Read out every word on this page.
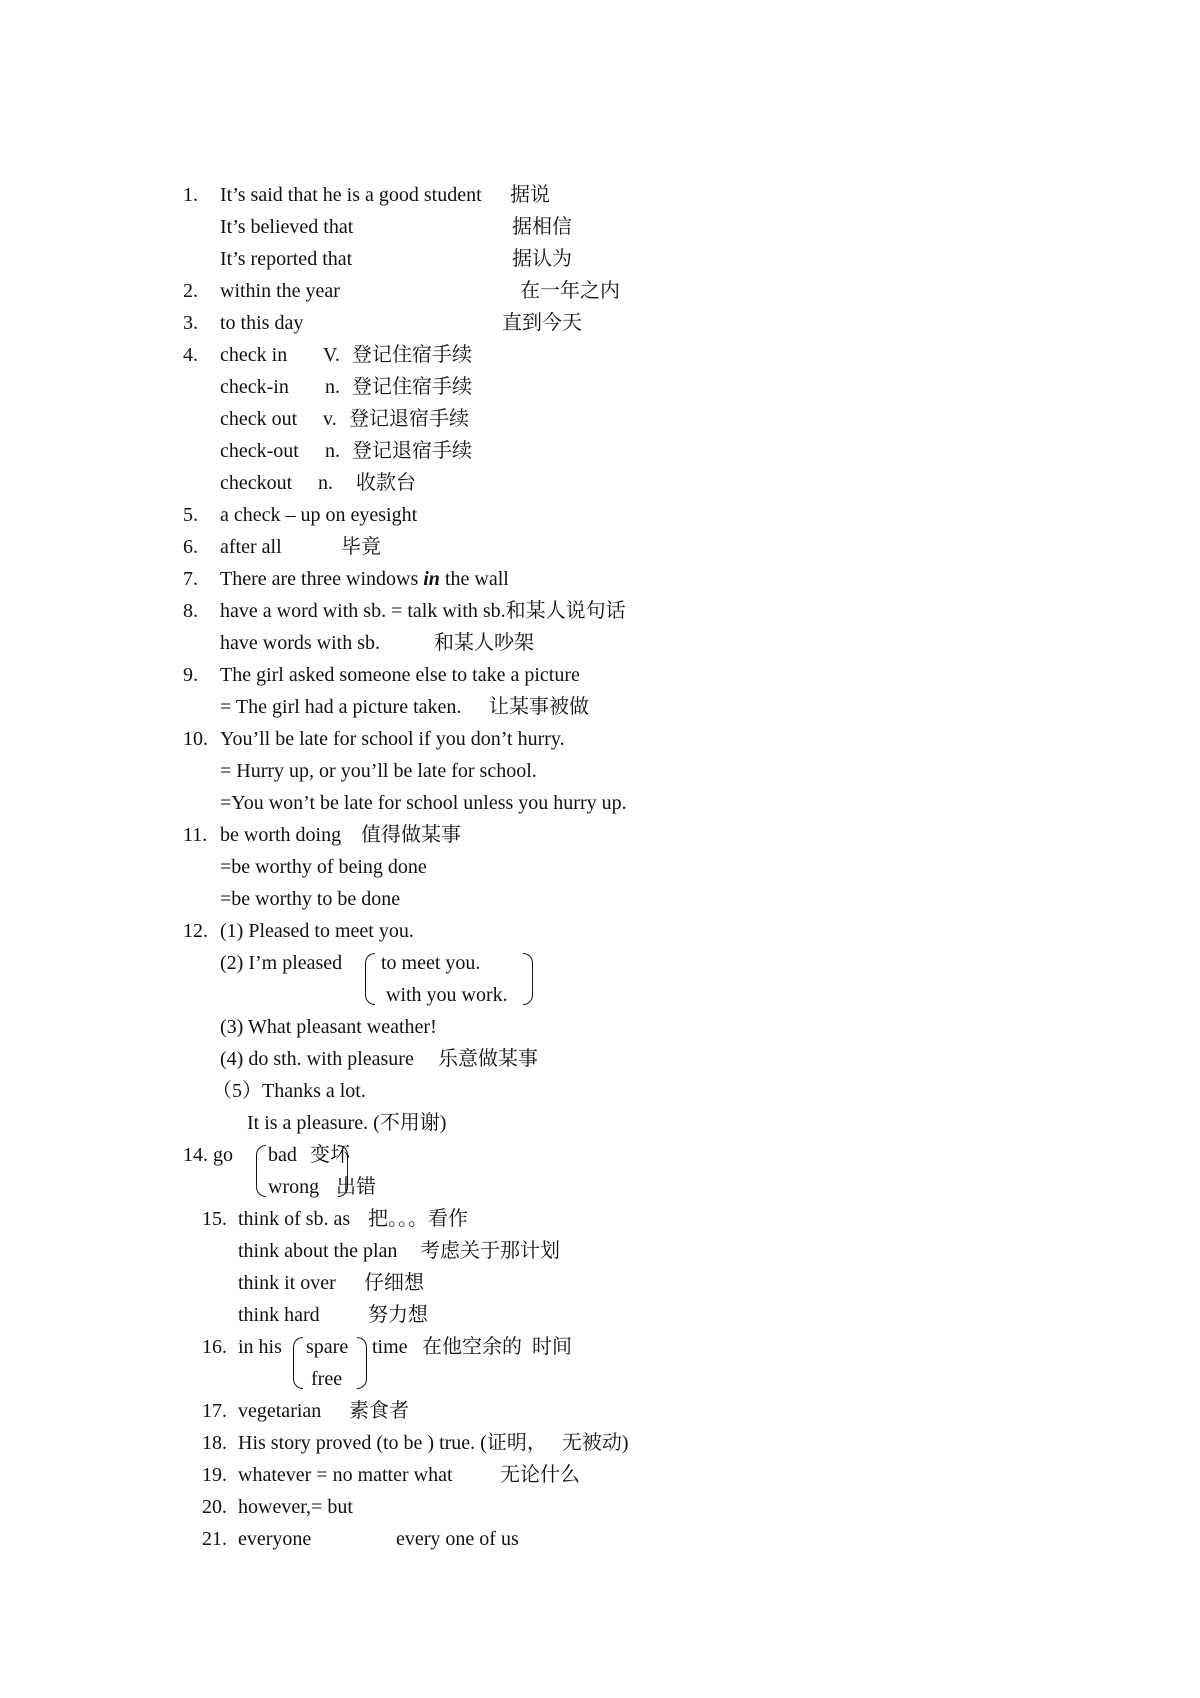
1. It’s said that he is a good student 据说
It’s believed that	据相信
It’s reported that	据认为
2. within the year	在一年之内
3. to this day	直到今天
4. check in V. 登记住宿手续
check-in n. 登记住宿手续
check out v. 登记退宿手续
check-out n. 登记退宿手续
checkout n. 收款台
5. a check – up on eyesight
6. after all	毕竟
7. There are three windows in the wall
8. have a word with sb. = talk with sb.和某人说句话
have words with sb.	和某人吵架
9. The girl asked someone else to take a picture
= The girl had a picture taken. 让某事被做
10. You’ll be late for school if you don’t hurry.
= Hurry up, or you’ll be late for school.
=You won’t be late for school unless you hurry up.
11. be worth doing 值得做某事
=be worthy of being done
=be worthy to be done
12. (1) Pleased to meet you.
(2) I’m pleased to meet you.
with you work.
(3) What pleasant weather!
(4) do sth. with pleasure 乐意做某事
（5）Thanks a lot.
It is a pleasure. (不用谢)
14. go bad 变坏
wrong 出错
15. think of sb. as 把。。。看作
think about the plan 考虑关于那计划
think it over 仔细想
think hard 努力想
16. in his spare
free
time 在他空余的  时间
17. vegetarian 素食者
18. His story proved (to be ) true. (证明，   无被动)
19. whatever = no matter what 无论什么
20. however,= but
21. everyone	every one of us
